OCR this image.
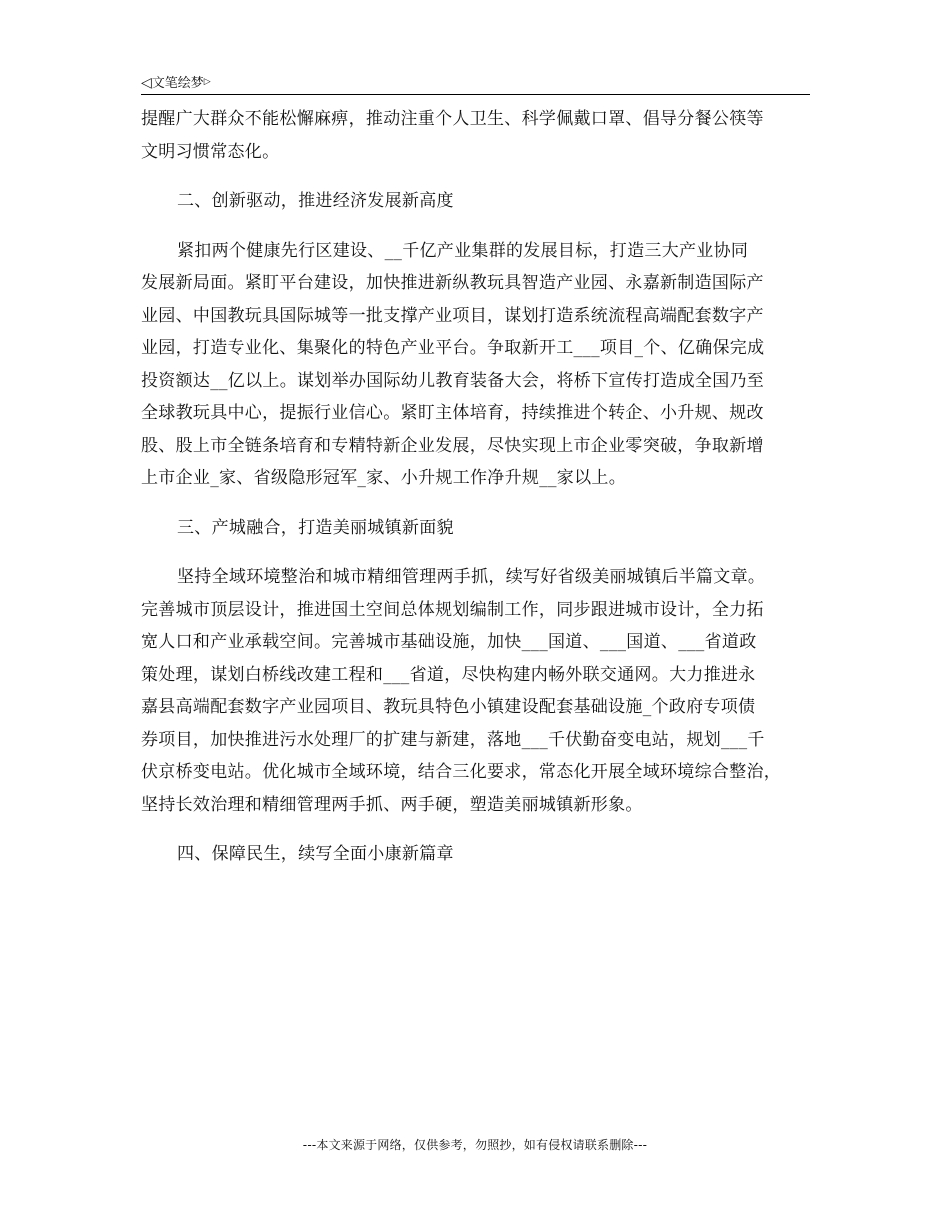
◁文笔绘梦▷

提醒广大群众不能松懈麻痹，推动注重个人卫生、科学佩戴口罩、倡导分餐公筷等
文明习惯常态化。

二、创新驱动，推进经济发展新高度

紧扣两个健康先行区建设、__千亿产业集群的发展目标，打造三大产业协同
发展新局面。紧盯平台建设，加快推进新纵教玩具智造产业园、永嘉新制造国际产
业园、中国教玩具国际城等一批支撑产业项目，谋划打造系统流程高端配套数字产
业园，打造专业化、集聚化的特色产业平台。争取新开工___项目_个、亿确保完成
投资额达__亿以上。谋划举办国际幼儿教育装备大会，将桥下宣传打造成全国乃至
全球教玩具中心，提振行业信心。紧盯主体培育，持续推进个转企、小升规、规改
股、股上市全链条培育和专精特新企业发展，尽快实现上市企业零突破，争取新增
上市企业_家、省级隐形冠军_家、小升规工作净升规__家以上。

三、产城融合，打造美丽城镇新面貌

坚持全域环境整治和城市精细管理两手抓，续写好省级美丽城镇后半篇文章。
完善城市顶层设计，推进国土空间总体规划编制工作，同步跟进城市设计，全力拓
宽人口和产业承载空间。完善城市基础设施，加快___国道、___国道、___省道政
策处理，谋划白桥线改建工程和___省道，尽快构建内畅外联交通网。大力推进永
嘉县高端配套数字产业园项目、教玩具特色小镇建设配套基础设施_个政府专项债
券项目，加快推进污水处理厂的扩建与新建，落地___千伏勤奋变电站，规划___千
伏京桥变电站。优化城市全域环境，结合三化要求，常态化开展全域环境综合整治，
坚持长效治理和精细管理两手抓、两手硬，塑造美丽城镇新形象。

四、保障民生，续写全面小康新篇章

---本文来源于网络，仅供参考，勿照抄，如有侵权请联系删除---
